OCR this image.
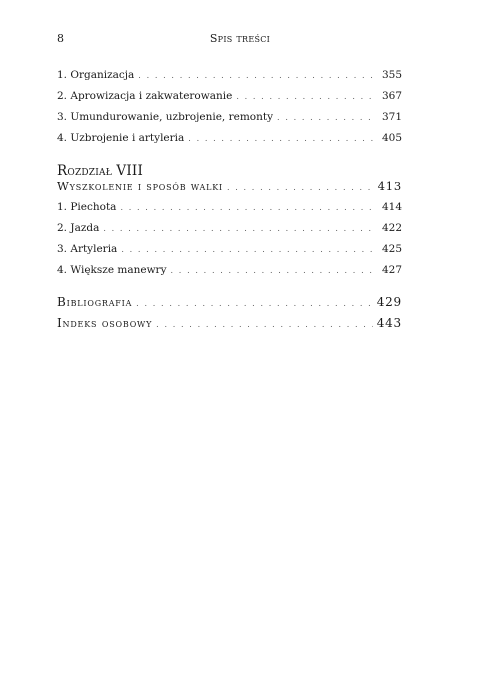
8	Spis treści
1. Organizacja . . .	355
2. Aprowizacja i zakwaterowanie . . .	367
3. Umundurowanie, uzbrojenie, remonty . . .	371
4. Uzbrojenie i artyleria . . .	405
Rozdział VIII
Wyszkolenie i sposób walki . . .	413
1. Piechota . . .	414
2. Jazda . . .	422
3. Artyleria . . .	425
4. Większe manewry . . .	427
Bibliografia . . .	429
Indeks osobowy . . .	443
